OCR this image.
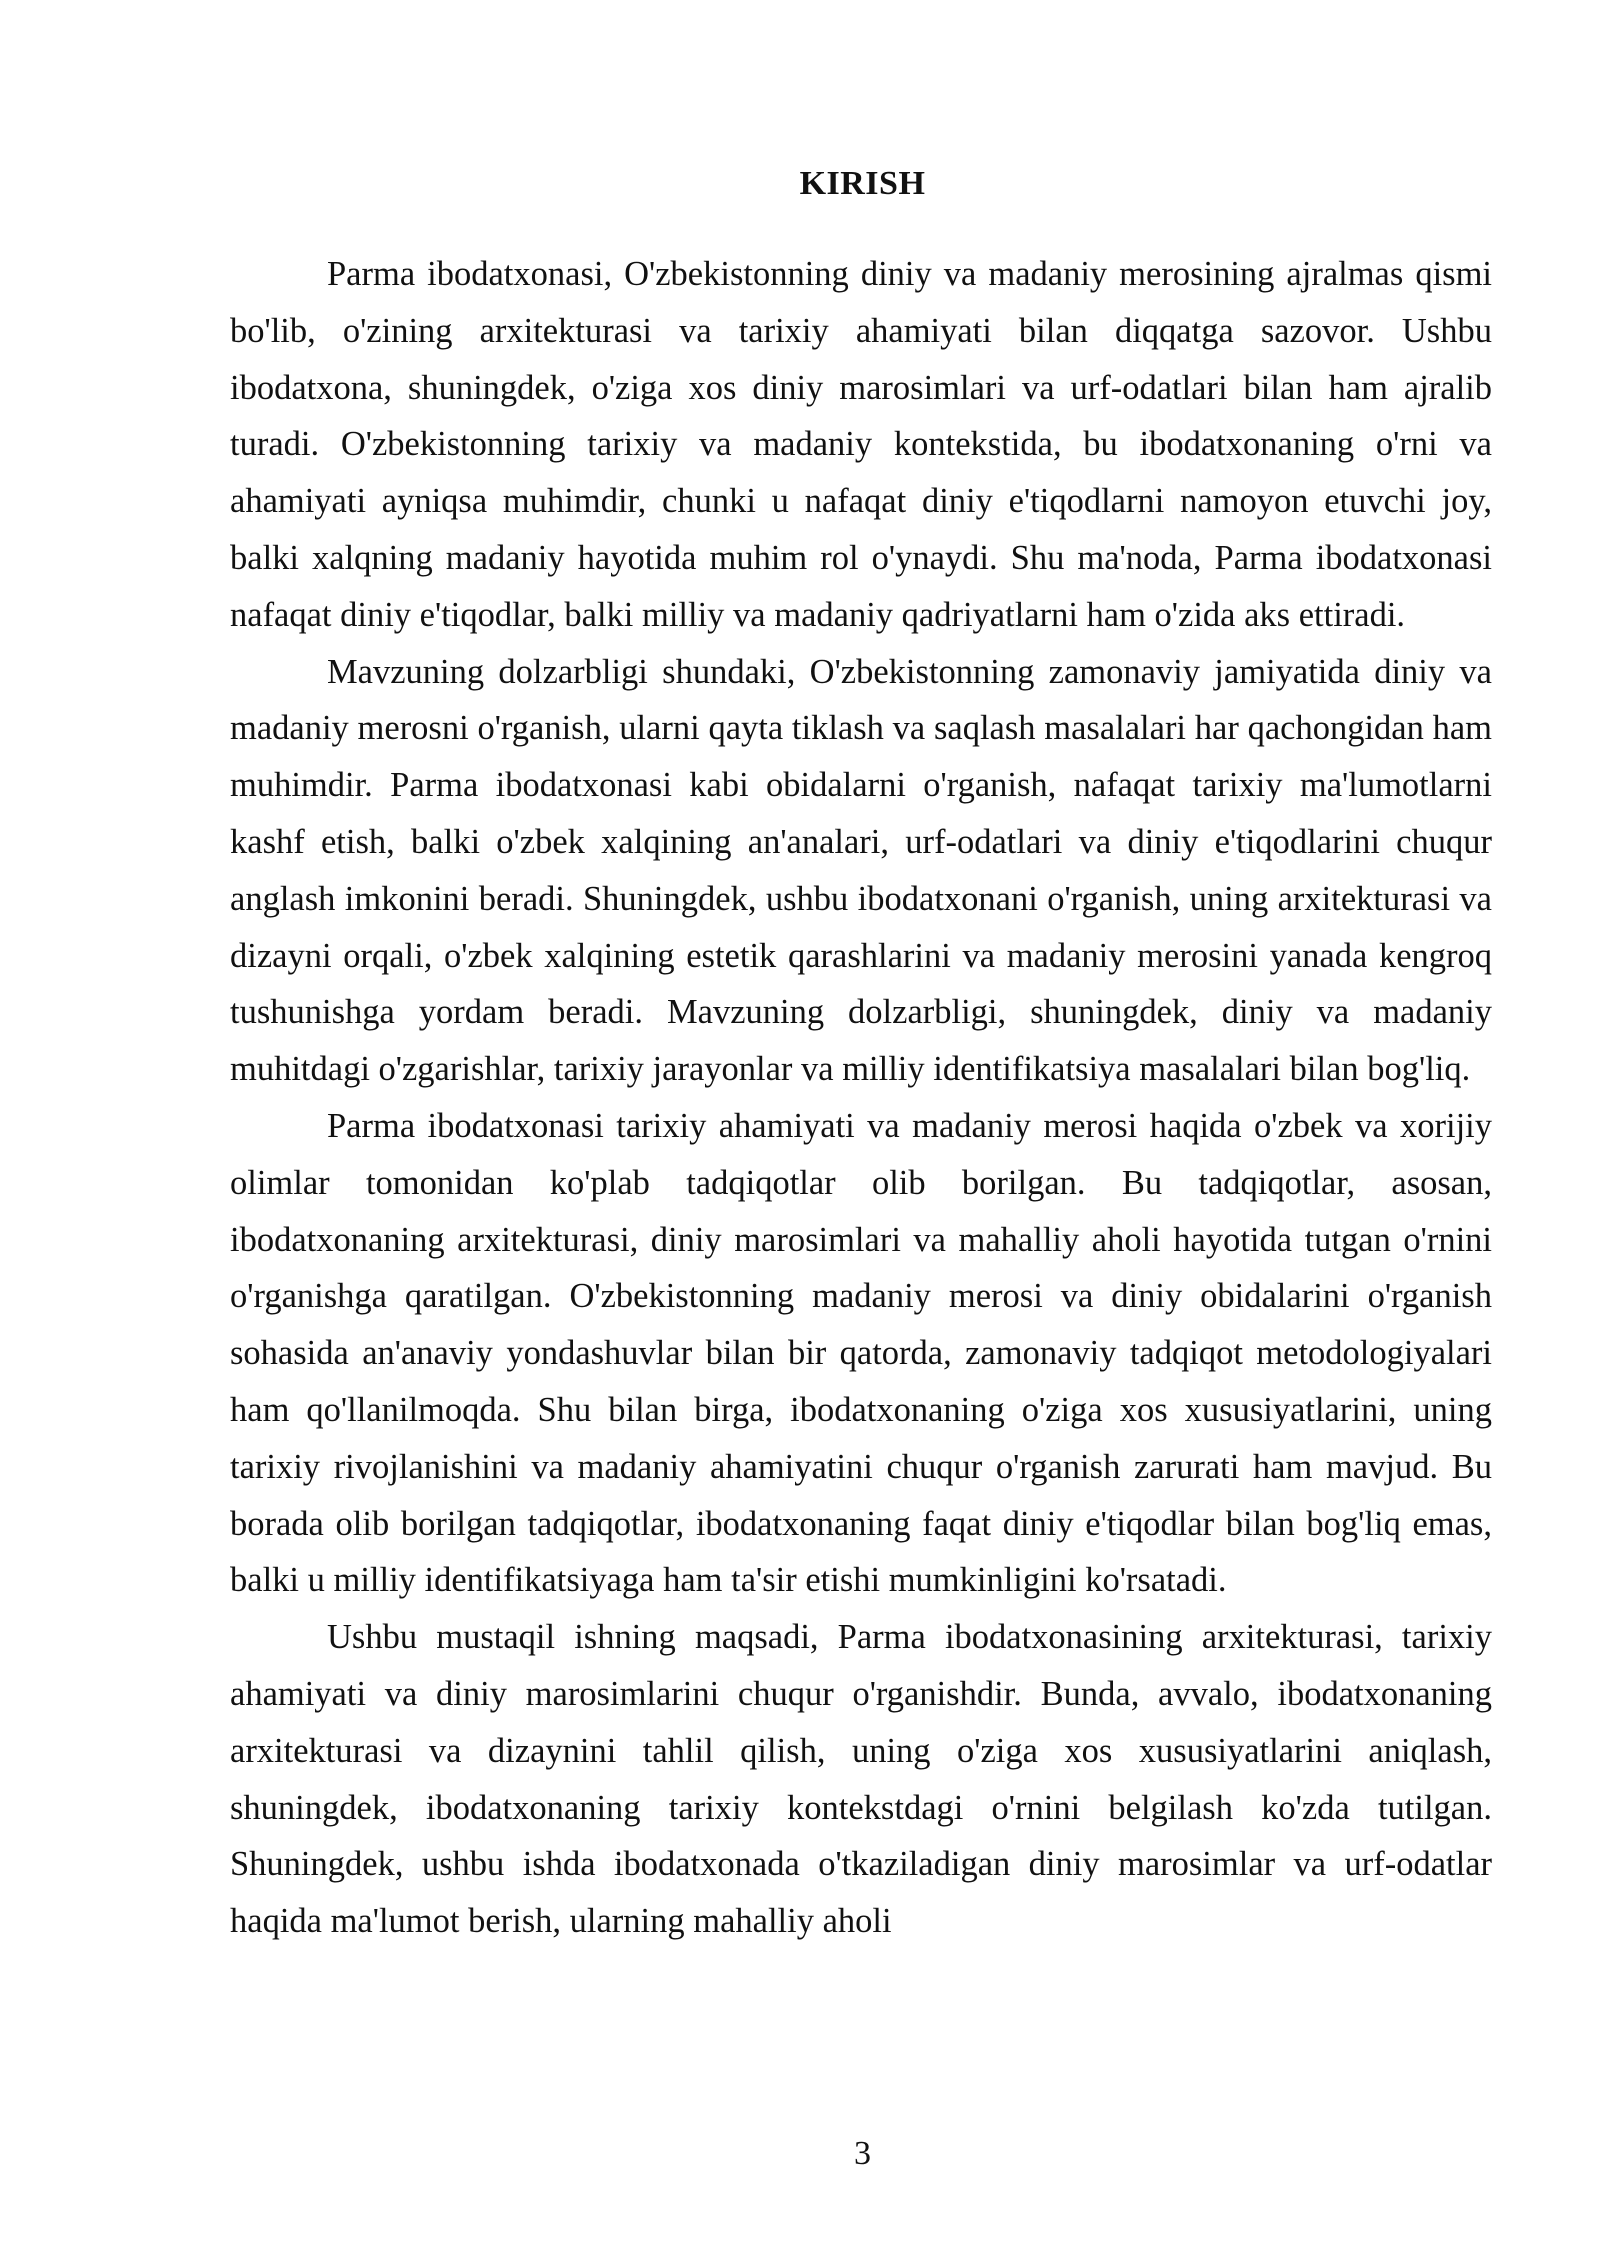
KIRISH

Parma ibodatxonasi, O'zbekistonning diniy va madaniy merosining ajralmas qismi bo'lib, o'zining arxitekturasi va tarixiy ahamiyati bilan diqqatga sazovor. Ushbu ibodatxona, shuningdek, o'ziga xos diniy marosimlari va urf-odatlari bilan ham ajralib turadi. O'zbekistonning tarixiy va madaniy kontekstida, bu ibodatxonaning o'rni va ahamiyati ayniqsa muhimdir, chunki u nafaqat diniy e'tiqodlarni namoyon etuvchi joy, balki xalqning madaniy hayotida muhim rol o'ynaydi. Shu ma'noda, Parma ibodatxonasi nafaqat diniy e'tiqodlar, balki milliy va madaniy qadriyatlarni ham o'zida aks ettiradi.

Mavzuning dolzarbligi shundaki, O'zbekistonning zamonaviy jamiyatida diniy va madaniy merosni o'rganish, ularni qayta tiklash va saqlash masalalari har qachongidan ham muhimdir. Parma ibodatxonasi kabi obidalarni o'rganish, nafaqat tarixiy ma'lumotlarni kashf etish, balki o'zbek xalqining an'analari, urf-odatlari va diniy e'tiqodlarini chuqur anglash imkonini beradi. Shuningdek, ushbu ibodatxonani o'rganish, uning arxitekturasi va dizayni orqali, o'zbek xalqining estetik qarashlarini va madaniy merosini yanada kengroq tushunishga yordam beradi. Mavzuning dolzarbligi, shuningdek, diniy va madaniy muhitdagi o'zgarishlar, tarixiy jarayonlar va milliy identifikatsiya masalalari bilan bog'liq.

Parma ibodatxonasi tarixiy ahamiyati va madaniy merosi haqida o'zbek va xorijiy olimlar tomonidan ko'plab tadqiqotlar olib borilgan. Bu tadqiqotlar, asosan, ibodatxonaning arxitekturasi, diniy marosimlari va mahalliy aholi hayotida tutgan o'rnini o'rganishga qaratilgan. O'zbekistonning madaniy merosi va diniy obidalarini o'rganish sohasida an'anaviy yondashuvlar bilan bir qatorda, zamonaviy tadqiqot metodologiyalari ham qo'llanilmoqda. Shu bilan birga, ibodatxonaning o'ziga xos xususiyatlarini, uning tarixiy rivojlanishini va madaniy ahamiyatini chuqur o'rganish zarurati ham mavjud. Bu borada olib borilgan tadqiqotlar, ibodatxonaning faqat diniy e'tiqodlar bilan bog'liq emas, balki u milliy identifikatsiyaga ham ta'sir etishi mumkinligini ko'rsatadi.

Ushbu mustaqil ishning maqsadi, Parma ibodatxonasining arxitekturasi, tarixiy ahamiyati va diniy marosimlarini chuqur o'rganishdir. Bunda, avvalo, ibodatxonaning arxitekturasi va dizaynini tahlil qilish, uning o'ziga xos xususiyatlarini aniqlash, shuningdek, ibodatxonaning tarixiy kontekstdagi o'rnini belgilash ko'zda tutilgan. Shuningdek, ushbu ishda ibodatxonada o'tkaziladigan diniy marosimlar va urf-odatlar haqida ma'lumot berish, ularning mahalliy aholi

3
